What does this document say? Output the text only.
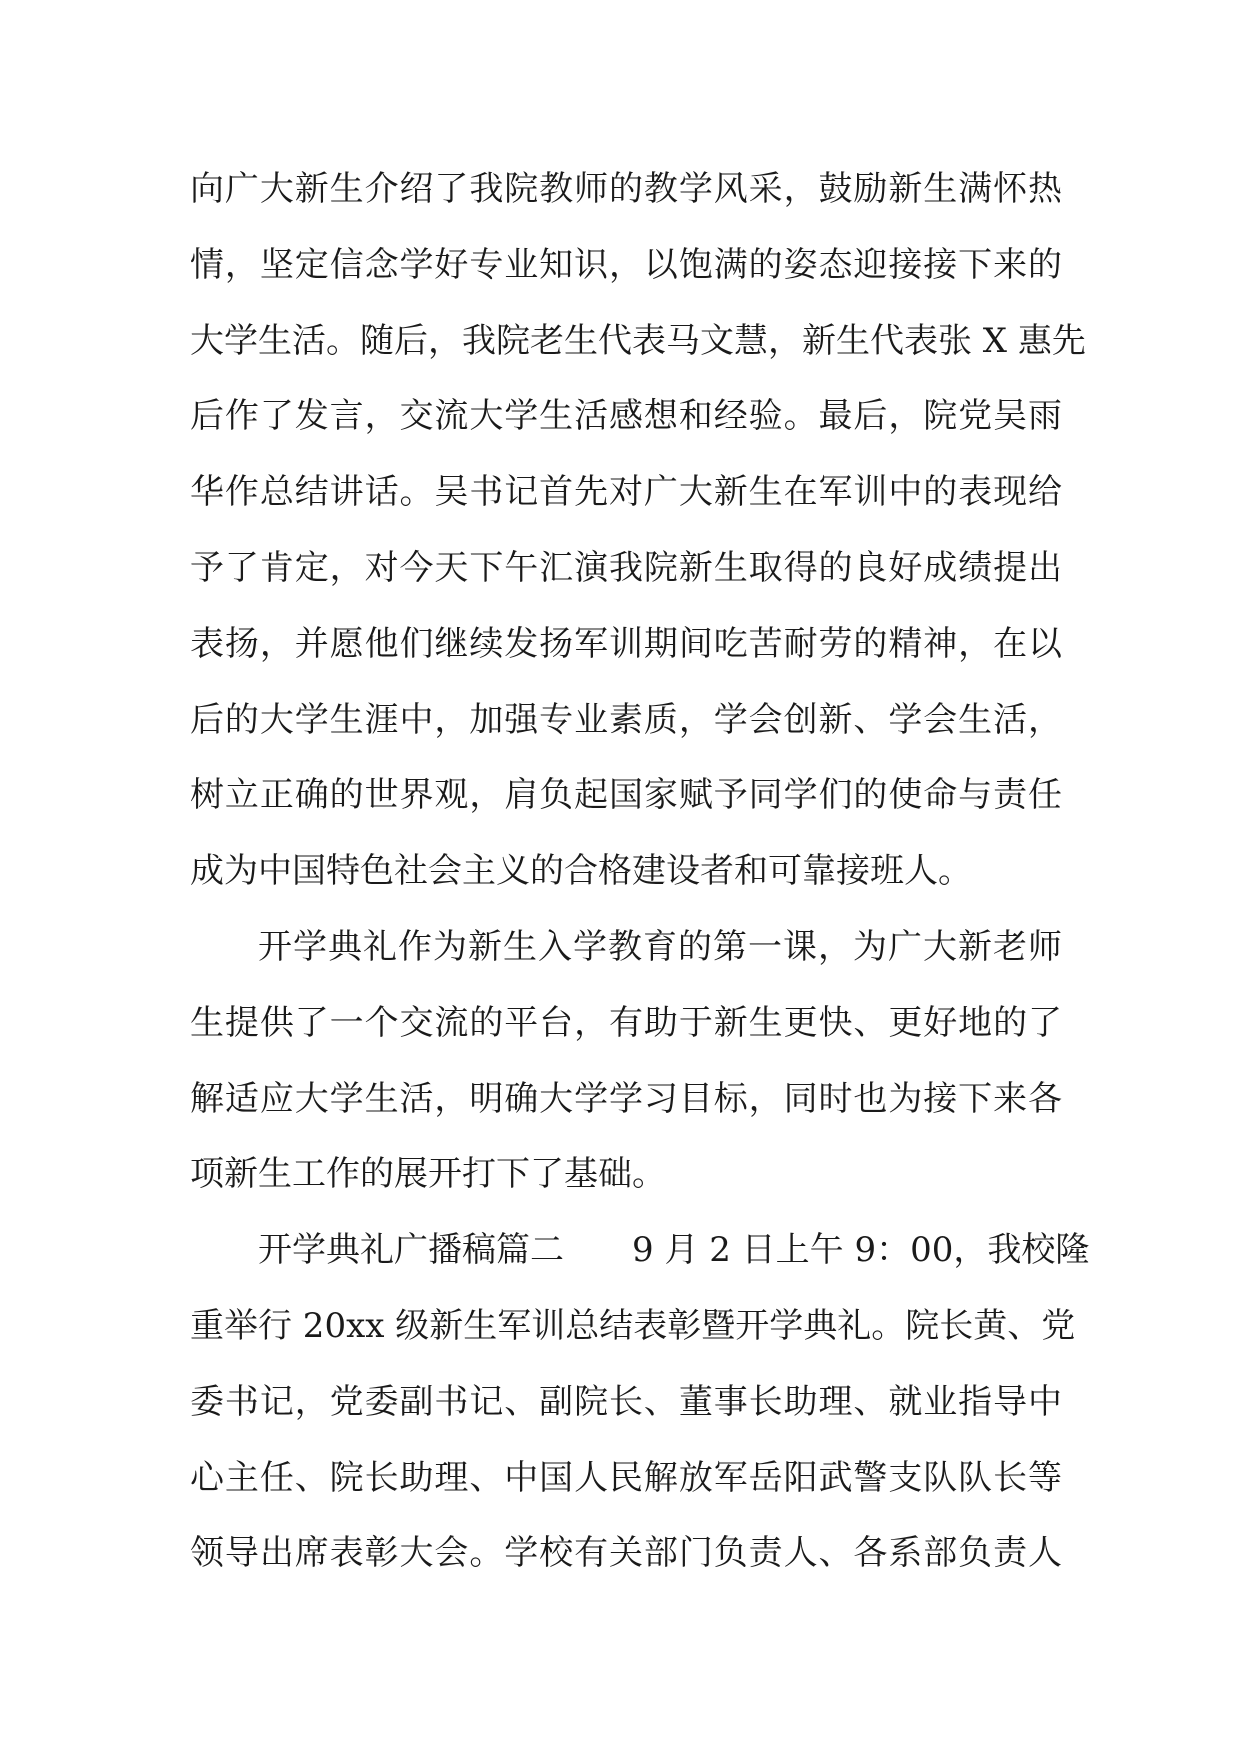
向广大新生介绍了我院教师的教学风采，鼓励新生满怀热
情，坚定信念学好专业知识，以饱满的姿态迎接接下来的
大学生活。随后，我院老生代表马文慧，新生代表张 X 惠先
后作了发言，交流大学生活感想和经验。最后，院党吴雨
华作总结讲话。吴书记首先对广大新生在军训中的表现给
予了肯定，对今天下午汇演我院新生取得的良好成绩提出
表扬，并愿他们继续发扬军训期间吃苦耐劳的精神，在以
后的大学生涯中，加强专业素质，学会创新、学会生活，
树立正确的世界观，肩负起国家赋予同学们的使命与责任
成为中国特色社会主义的合格建设者和可靠接班人。
开学典礼作为新生入学教育的第一课，为广大新老师
生提供了一个交流的平台，有助于新生更快、更好地的了
解适应大学生活，明确大学学习目标，同时也为接下来各
项新生工作的展开打下了基础。
开学典礼广播稿篇二　　9 月 2 日上午 9：00，我校隆
重举行 20xx 级新生军训总结表彰暨开学典礼。院长黄、党
委书记，党委副书记、副院长、董事长助理、就业指导中
心主任、院长助理、中国人民解放军岳阳武警支队队长等
领导出席表彰大会。学校有关部门负责人、各系部负责人
